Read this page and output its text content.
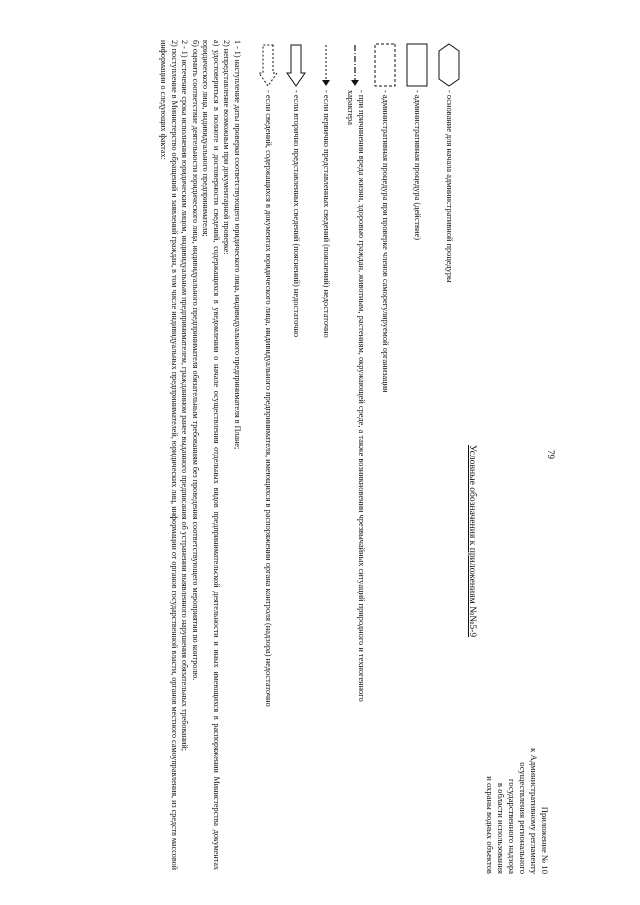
79
Приложение № 10
к Административному регламенту
осуществления регионального
государственного надзора
в области использования
и охраны водных объектов
Условные обозначения к приложениям №№5-9
- основание для начала административной процедуры
- административная процедура (действие)
- административная процедура при проверке членов саморегулируемой организации
- при причинении вреда жизни, здоровью граждан, животным, растениям, окружающей среде, а также возникновении чрезвычайных ситуаций природного и техногенного характера
- если первично представленных сведений (пояснений) недостаточно
- если вторично представленных сведений (пояснений) недостаточно
- если сведений, содержащихся в документах юридического лица, индивидуального предпринимателя, имеющихся в распоряжении органа контроля (надзора) недостаточно
1 - 1) наступление даты проверки соответствующего юридического лица, индивидуального предпринимателя в Плане;
2) непредставление возможным при документарной проверке:
а) удостовериться в полноте и достоверности сведений, содержащихся в уведомлении о начале осуществления отдельных видов предпринимательской деятельности и иных имеющихся в распоряжении Министерства документах юридического лица, индивидуального предпринимателя;
б) оценить соответствие деятельности юридического лица, индивидуального предпринимателя обязательным требованиям без проведения соответствующего мероприятия по контролю.
2 - 1) истечение срока исполнения юридическим лицом, индивидуальным предпринимателем, гражданином ранее выданного предписания об устранении выявленного нарушения обязательных требований;
2) поступление в Министерство обращений и заявлений граждан, в том числе индивидуальных предпринимателей, юридических лиц, информации от органов государственной власти, органов местного самоуправления, из средств массовой информации о следующих фактах:
